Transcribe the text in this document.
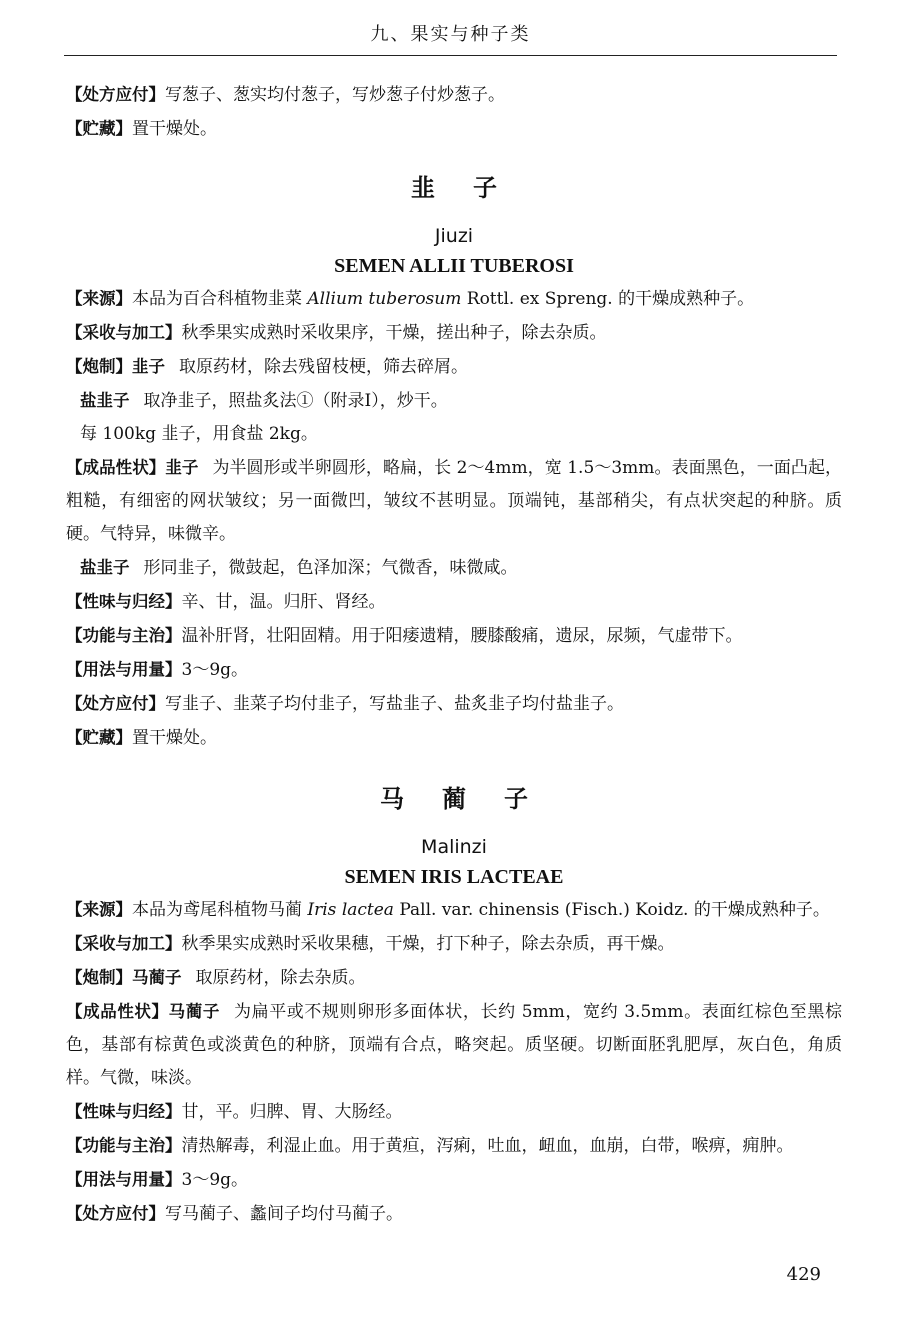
九、果实与种子类

【处方应付】写葱子、葱实均付葱子，写炒葱子付炒葱子。

【贮藏】置干燥处。

韭子

Jiuzi

SEMEN ALLII TUBEROSI

【来源】本品为百合科植物韭菜 Allium tuberosum Rottl. ex Spreng. 的干燥成熟种子。

【采收与加工】秋季果实成熟时采收果序，干燥，搓出种子，除去杂质。

【炮制】韭子 取原药材，除去残留枝梗，筛去碎屑。

盐韭子 取净韭子，照盐炙法①（附录Ⅰ），炒干。

每 100kg 韭子，用食盐 2kg。

【成品性状】韭子 为半圆形或半卵圆形，略扁，长 2～4mm，宽 1.5～3mm。表面黑色，一面凸起，粗糙，有细密的网状皱纹；另一面微凹，皱纹不甚明显。顶端钝，基部稍尖，有点状突起的种脐。质硬。气特异，味微辛。

盐韭子 形同韭子，微鼓起，色泽加深；气微香，味微咸。

【性味与归经】辛、甘，温。归肝、肾经。

【功能与主治】温补肝肾，壮阳固精。用于阳痿遗精，腰膝酸痛，遗尿，尿频，气虚带下。

【用法与用量】3～9g。

【处方应付】写韭子、韭菜子均付韭子，写盐韭子、盐炙韭子均付盐韭子。

【贮藏】置干燥处。

马蔺子

Malinzi

SEMEN IRIS LACTEAE

【来源】本品为鸢尾科植物马蔺 Iris lactea Pall. var. chinensis (Fisch.) Koidz. 的干燥成熟种子。

【采收与加工】秋季果实成熟时采收果穗，干燥，打下种子，除去杂质，再干燥。

【炮制】马蔺子 取原药材，除去杂质。

【成品性状】马蔺子 为扁平或不规则卵形多面体状，长约 5mm，宽约 3.5mm。表面红棕色至黑棕色，基部有棕黄色或淡黄色的种脐，顶端有合点，略突起。质坚硬。切断面胚乳肥厚，灰白色，角质样。气微，味淡。

【性味与归经】甘，平。归脾、胃、大肠经。

【功能与主治】清热解毒，利湿止血。用于黄疸，泻痢，吐血，衄血，血崩，白带，喉痹，痈肿。

【用法与用量】3～9g。

【处方应付】写马蔺子、蠡间子均付马蔺子。

429
